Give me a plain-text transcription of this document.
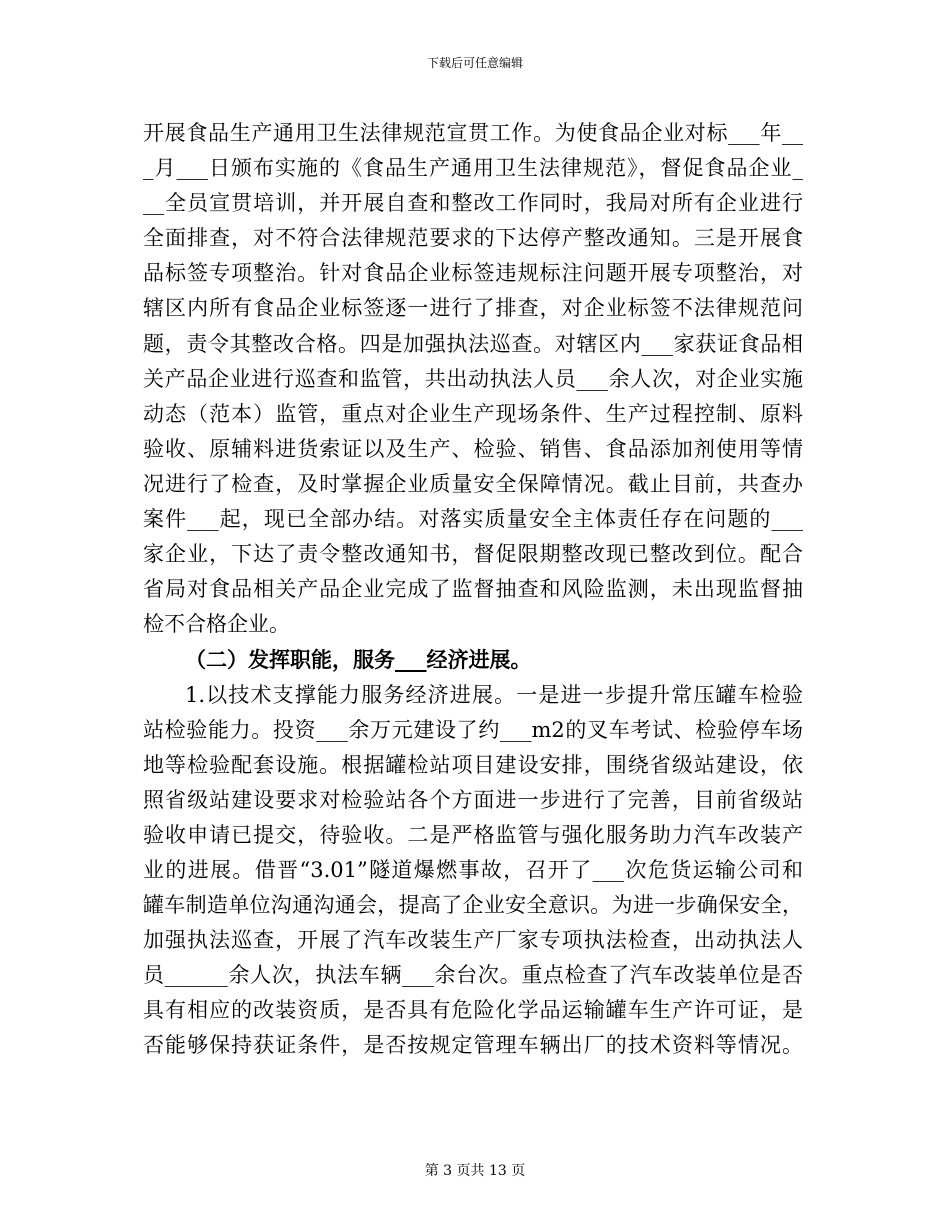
下载后可任意编辑
开展食品生产通用卫生法律规范宣贯工作。为使食品企业对标___年__
_月___日颁布实施的《食品生产通用卫生法律规范》，督促食品企业_
__全员宣贯培训，并开展自查和整改工作同时，我局对所有企业进行
全面排查，对不符合法律规范要求的下达停产整改通知。三是开展食
品标签专项整治。针对食品企业标签违规标注问题开展专项整治，对
辖区内所有食品企业标签逐一进行了排查，对企业标签不法律规范问
题，责令其整改合格。四是加强执法巡查。对辖区内___家获证食品相
关产品企业进行巡查和监管，共出动执法人员___余人次，对企业实施
动态（范本）监管，重点对企业生产现场条件、生产过程控制、原料
验收、原辅料进货索证以及生产、检验、销售、食品添加剂使用等情
况进行了检查，及时掌握企业质量安全保障情况。截止目前，共查办
案件___起，现已全部办结。对落实质量安全主体责任存在问题的___
家企业，下达了责令整改通知书，督促限期整改现已整改到位。配合
省局对食品相关产品企业完成了监督抽查和风险监测，未出现监督抽
检不合格企业。
（二）发挥职能，服务___经济进展。
1.以技术支撑能力服务经济进展。一是进一步提升常压罐车检验
站检验能力。投资___余万元建设了约___m2的叉车考试、检验停车场
地等检验配套设施。根据罐检站项目建设安排，围绕省级站建设，依
照省级站建设要求对检验站各个方面进一步进行了完善，目前省级站
验收申请已提交，待验收。二是严格监管与强化服务助力汽车改装产
业的进展。借晋“3.01”隧道爆燃事故，召开了___次危货运输公司和
罐车制造单位沟通沟通会，提高了企业安全意识。为进一步确保安全，
加强执法巡查，开展了汽车改装生产厂家专项执法检查，出动执法人
员______余人次，执法车辆___余台次。重点检查了汽车改装单位是否
具有相应的改装资质，是否具有危险化学品运输罐车生产许可证，是
否能够保持获证条件，是否按规定管理车辆出厂的技术资料等情况。
第 3 页共 13 页
